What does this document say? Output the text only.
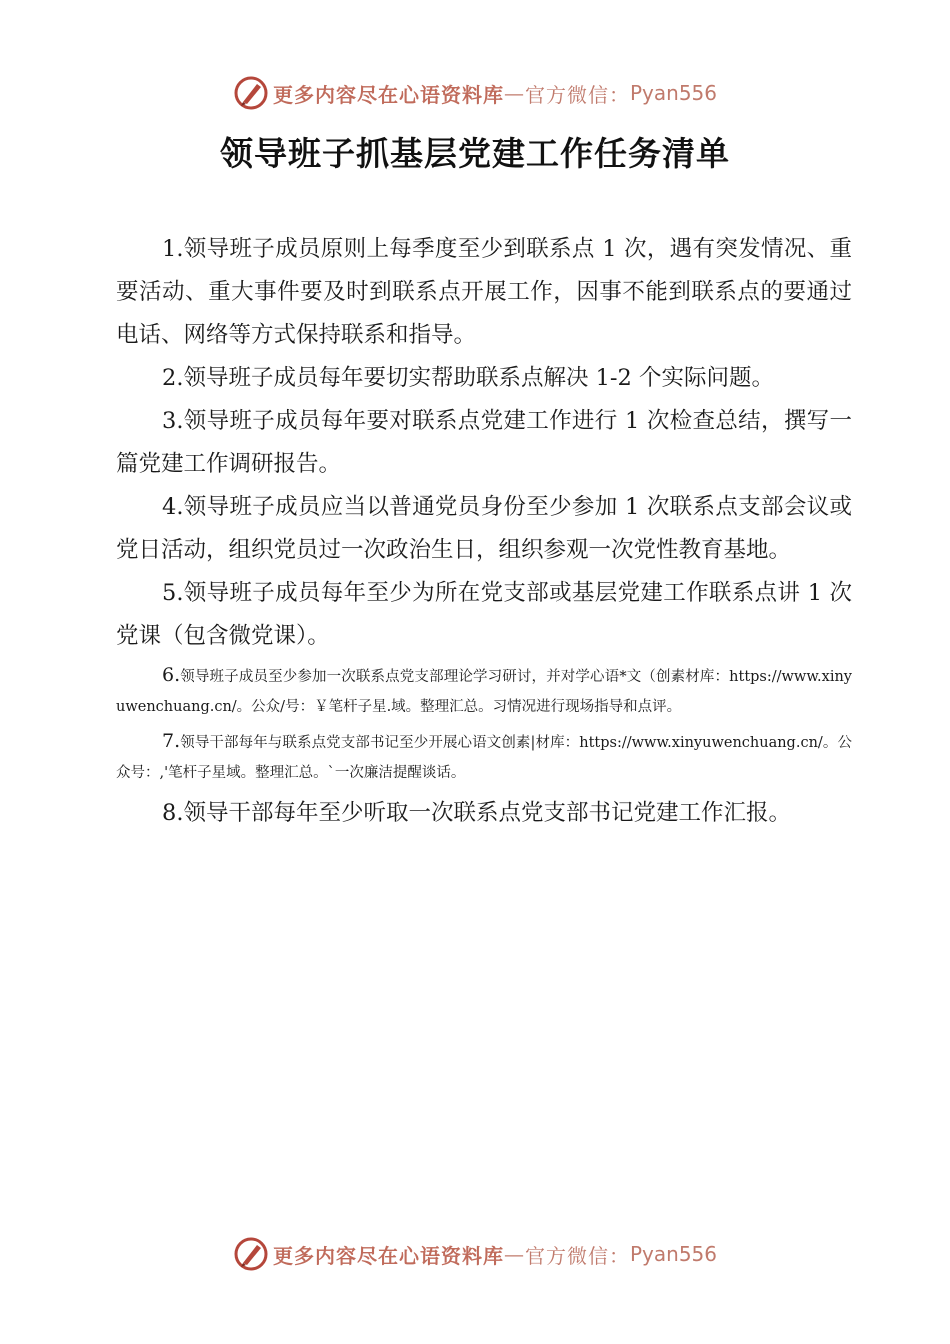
更多内容尽在心语资料库 — 官方微信： Pyan556
领导班子抓基层党建工作任务清单

1.领导班子成员原则上每季度至少到联系点 1 次，遇有突发情况、重要活动、重大事件要及时到联系点开展工作，因事不能到联系点的要通过电话、网络等方式保持联系和指导。

2.领导班子成员每年要切实帮助联系点解决 1-2 个实际问题。

3.领导班子成员每年要对联系点党建工作进行 1 次检查总结，撰写一篇党建工作调研报告。

4.领导班子成员应当以普通党员身份至少参加 1 次联系点支部会议或党日活动，组织党员过一次政治生日，组织参观一次党性教育基地。

5.领导班子成员每年至少为所在党支部或基层党建工作联系点讲 1 次党课（包含微党课）。

6.领导班子成员至少参加一次联系点党支部理论学习研讨，并对学心语*文（创素材库：https://www.xinyuwenchuang.cn/。公众/号：￥笔杆子星.域。整理汇总。习情况进行现场指导和点评。

7.领导干部每年与联系点党支部书记至少开展心语文创素|材库：https://www.xinyuwenchuang.cn/。公众号：,'笔杆子星域。整理汇总。`一次廉洁提醒谈话。

8.领导干部每年至少听取一次联系点党支部书记党建工作汇报。

更多内容尽在心语资料库 — 官方微信： Pyan556
